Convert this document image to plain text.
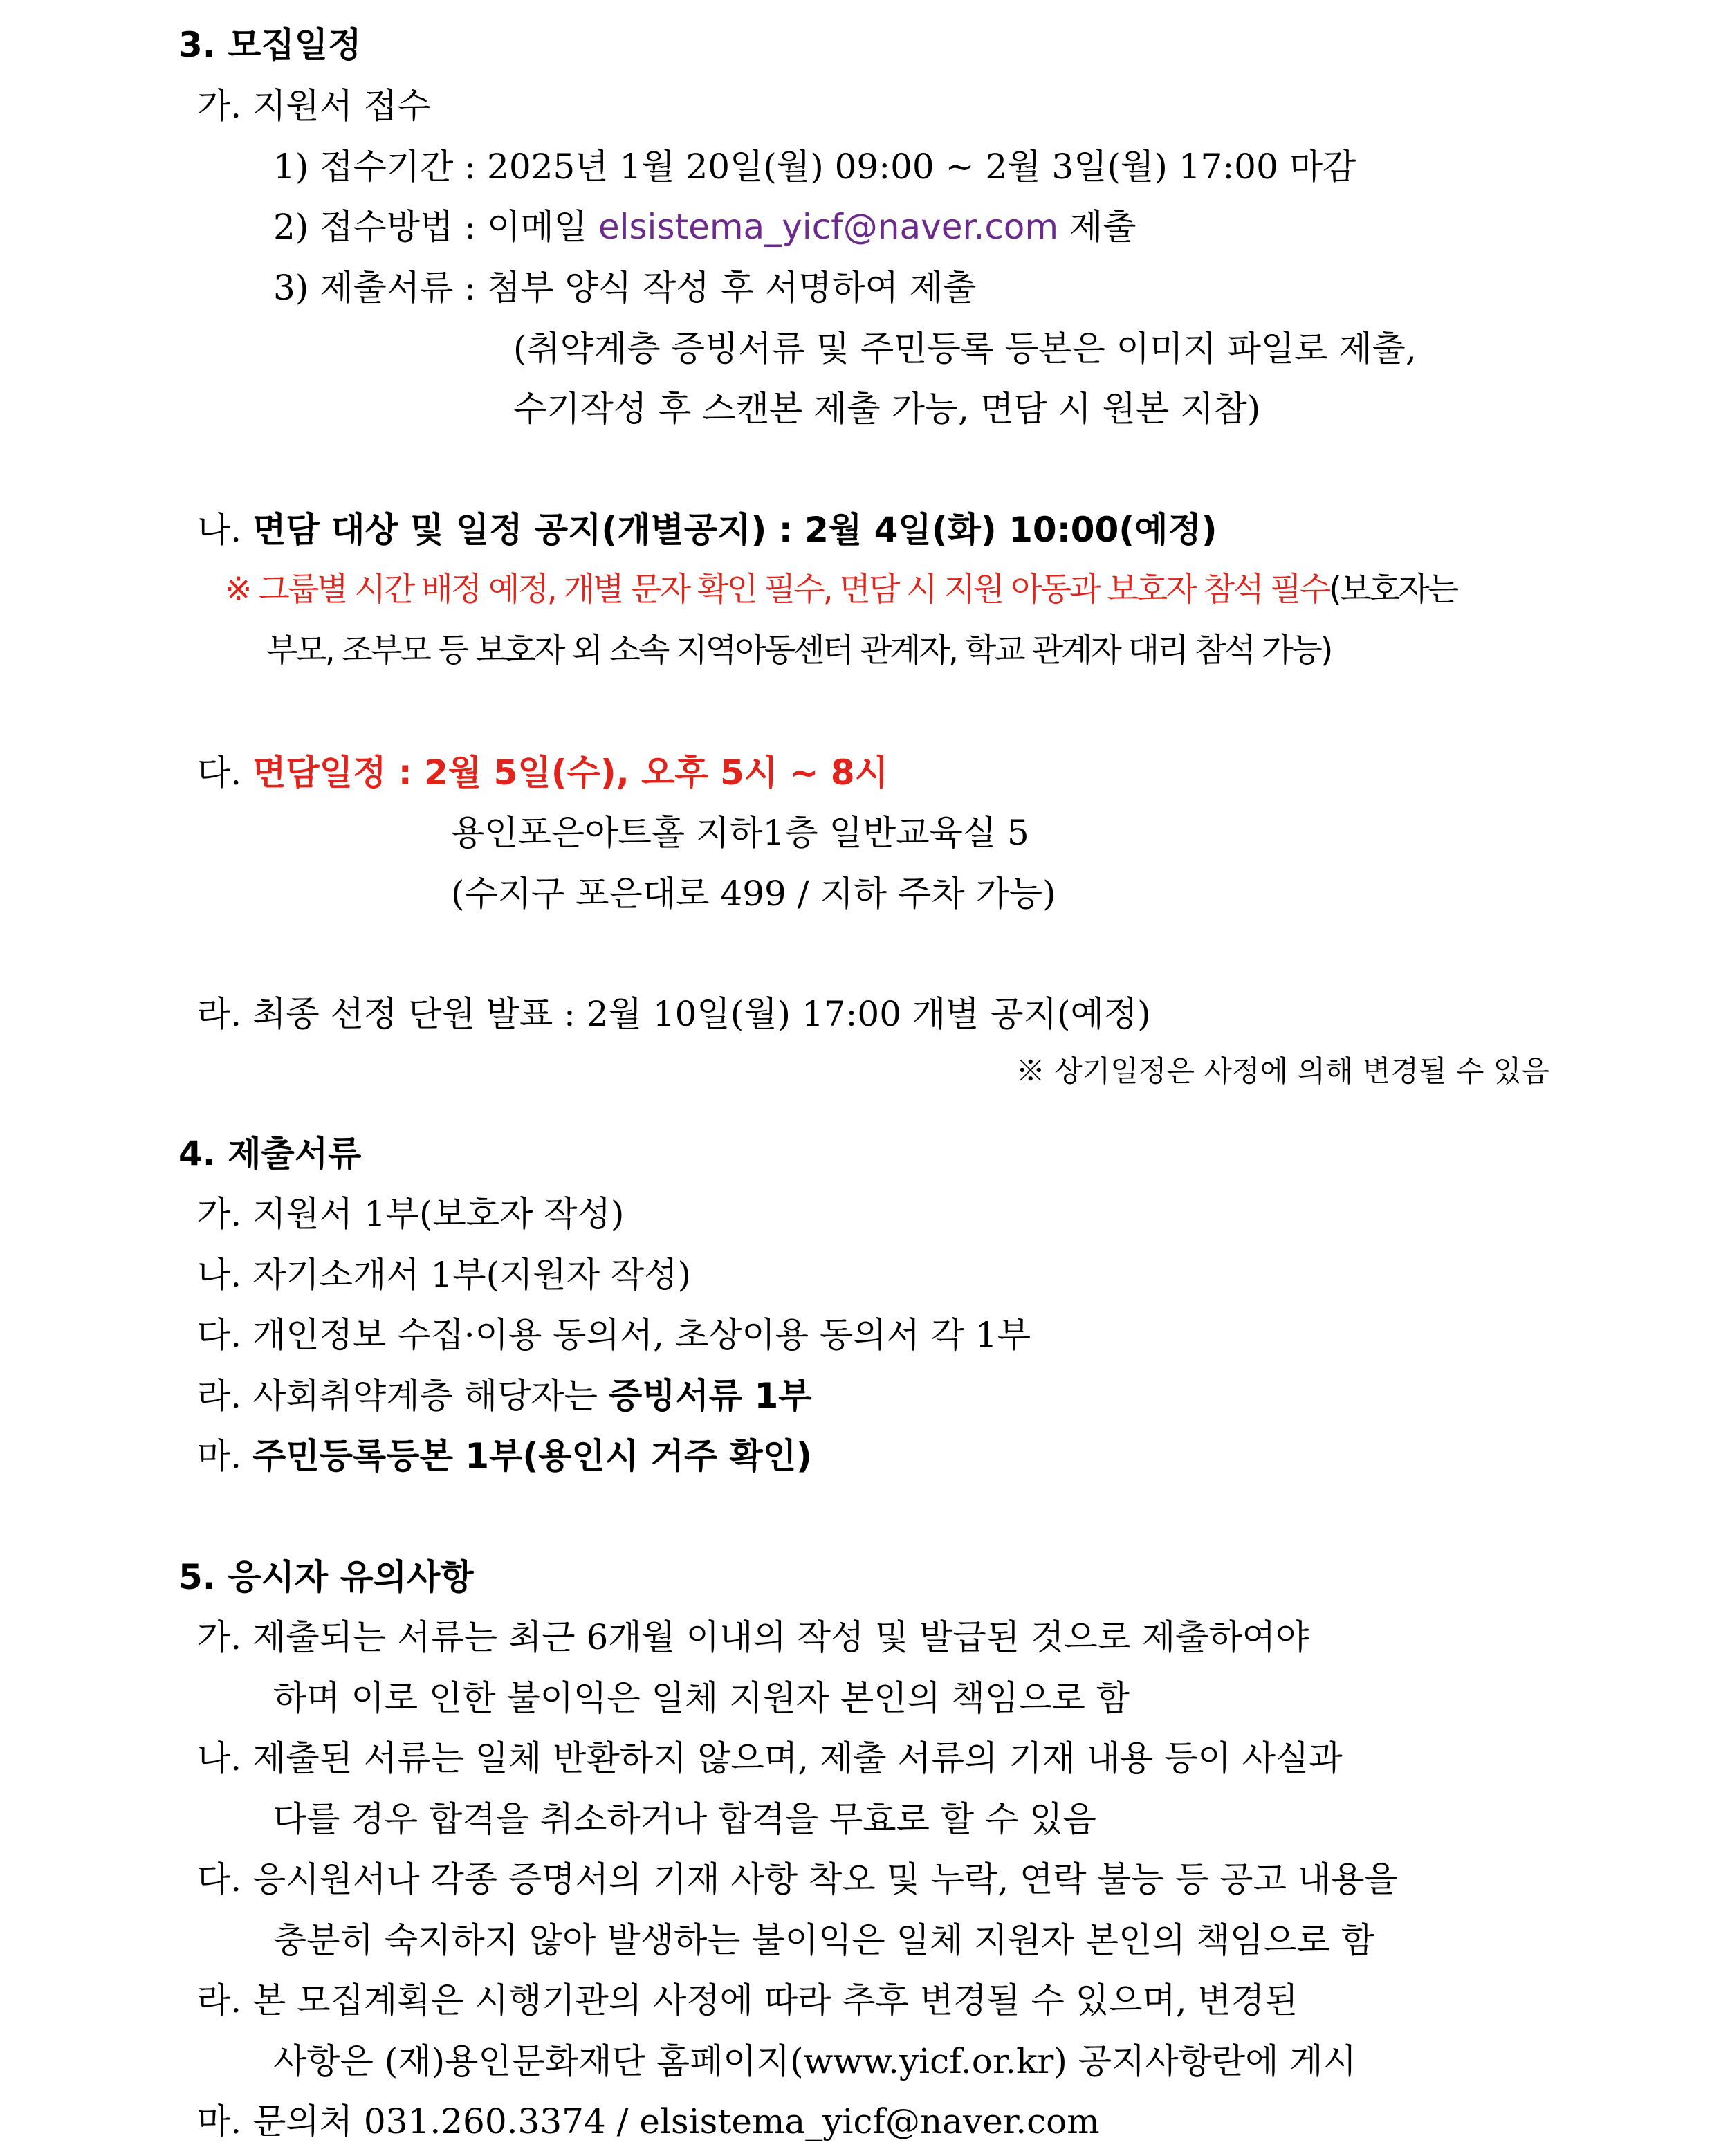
3. 모집일정
가. 지원서 접수
1) 접수기간 : 2025년 1월 20일(월) 09:00 ~ 2월 3일(월) 17:00 마감
2) 접수방법 : 이메일 elsistema_yicf@naver.com 제출
3) 제출서류 : 첨부 양식 작성 후 서명하여 제출
(취약계층 증빙서류 및 주민등록 등본은 이미지 파일로 제출,
수기작성 후 스캔본 제출 가능, 면담 시 원본 지참)
나. 면담 대상 및 일정 공지(개별공지) : 2월 4일(화) 10:00(예정)
※ 그룹별 시간 배정 예정, 개별 문자 확인 필수, 면담 시 지원 아동과 보호자 참석 필수(보호자는
부모, 조부모 등 보호자 외 소속 지역아동센터 관계자, 학교 관계자 대리 참석 가능)
다. 면담일정 : 2월 5일(수), 오후 5시 ~ 8시
용인포은아트홀 지하1층 일반교육실 5
(수지구 포은대로 499 / 지하 주차 가능)
라. 최종 선정 단원 발표 : 2월 10일(월) 17:00 개별 공지(예정)
※ 상기일정은 사정에 의해 변경될 수 있음
4. 제출서류
가. 지원서 1부(보호자 작성)
나. 자기소개서 1부(지원자 작성)
다. 개인정보 수집·이용 동의서, 초상이용 동의서 각 1부
라. 사회취약계층 해당자는 증빙서류 1부
마. 주민등록등본 1부(용인시 거주 확인)
5. 응시자 유의사항
가. 제출되는 서류는 최근 6개월 이내의 작성 및 발급된 것으로 제출하여야
하며 이로 인한 불이익은 일체 지원자 본인의 책임으로 함
나. 제출된 서류는 일체 반환하지 않으며, 제출 서류의 기재 내용 등이 사실과
다를 경우 합격을 취소하거나 합격을 무효로 할 수 있음
다. 응시원서나 각종 증명서의 기재 사항 착오 및 누락, 연락 불능 등 공고 내용을
충분히 숙지하지 않아 발생하는 불이익은 일체 지원자 본인의 책임으로 함
라. 본 모집계획은 시행기관의 사정에 따라 추후 변경될 수 있으며, 변경된
사항은 (재)용인문화재단 홈페이지(www.yicf.or.kr) 공지사항란에 게시
마. 문의처 031.260.3374 / elsistema_yicf@naver.com
